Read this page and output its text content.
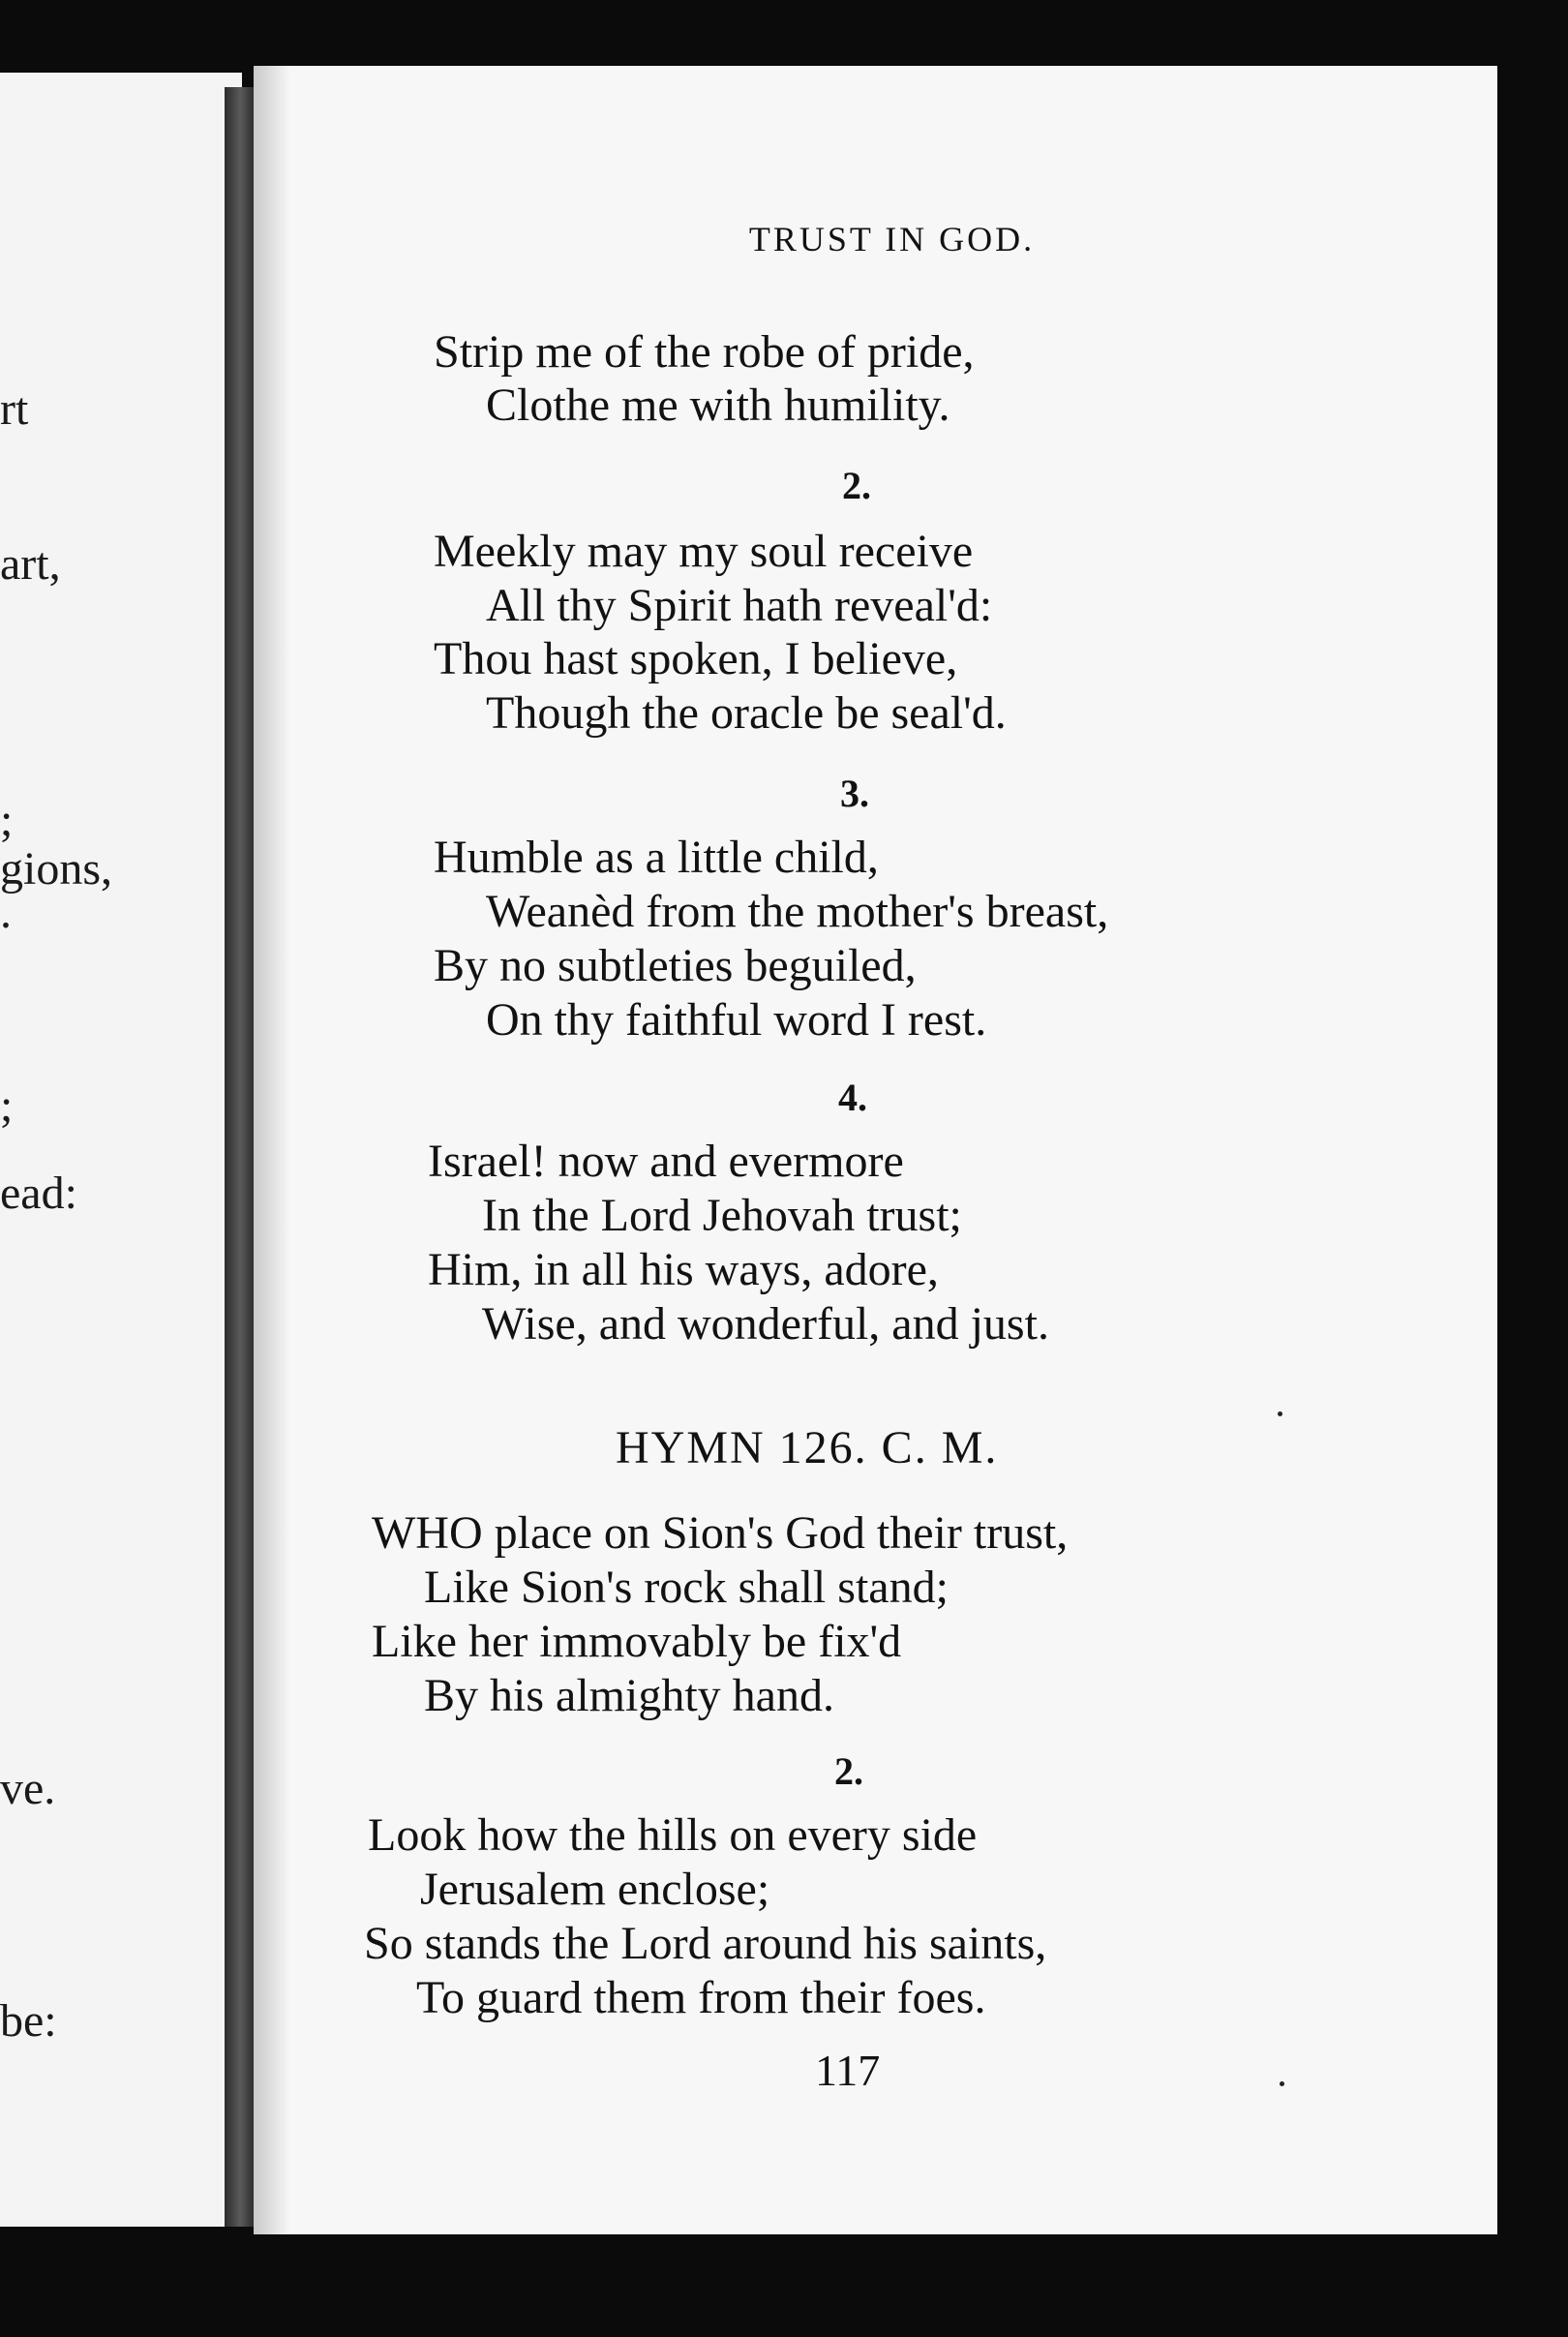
rt
art,
;
gions,
.
;
ead:
ve.
be:
TRUST IN GOD.
Strip me of the robe of pride,
Clothe me with humility.
2.
Meekly may my soul receive
All thy Spirit hath reveal'd:
Thou hast spoken, I believe,
Though the oracle be seal'd.
3.
Humble as a little child,
Weanèd from the mother's breast,
By no subtleties beguiled,
On thy faithful word I rest.
4.
Israel! now and evermore
In the Lord Jehovah trust;
Him, in all his ways, adore,
Wise, and wonderful, and just.
HYMN 126. C. M.
WHO place on Sion's God their trust,
Like Sion's rock shall stand;
Like her immovably be fix'd
By his almighty hand.
2.
Look how the hills on every side
Jerusalem enclose;
So stands the Lord around his saints,
To guard them from their foes.
117
